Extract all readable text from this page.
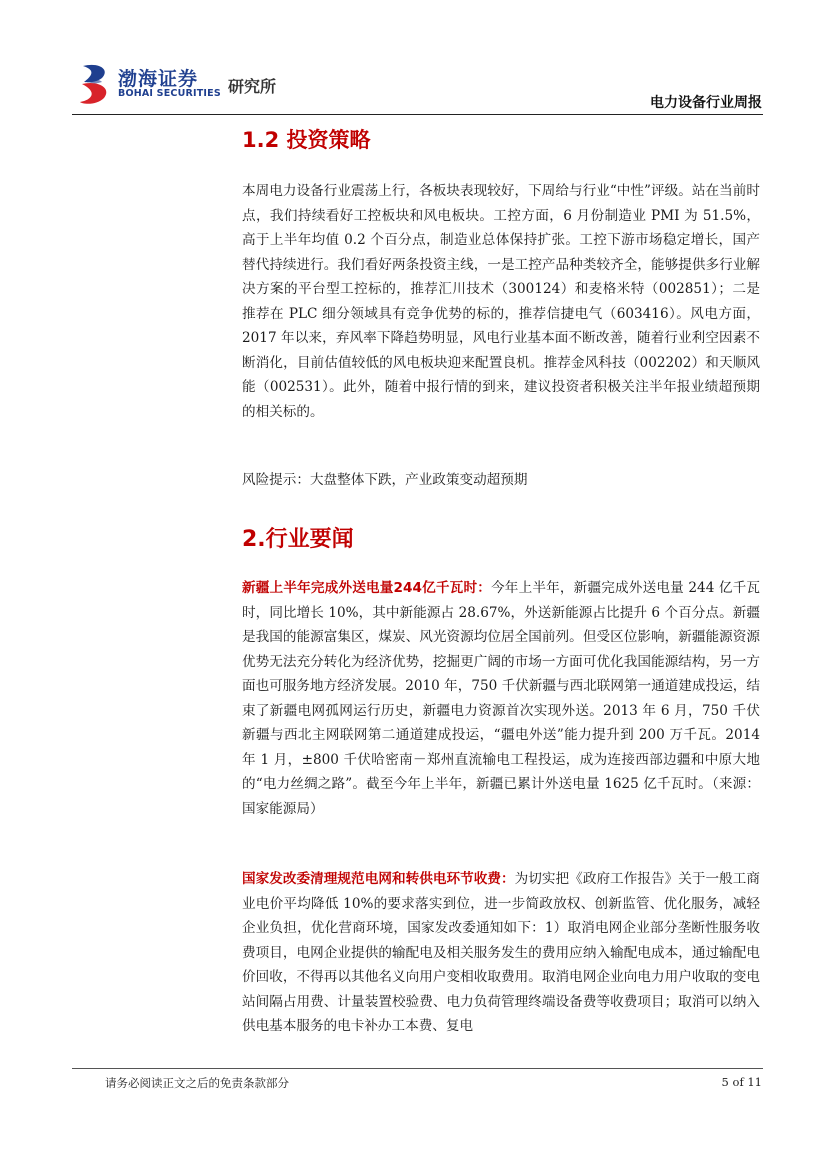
渤海证券
BOHAI SECURITIES 研究所
电力设备行业周报
1.2 投资策略
本周电力设备行业震荡上行，各板块表现较好，下周给与行业“中性”评级。站在当前时点，我们持续看好工控板块和风电板块。工控方面，6 月份制造业 PMI 为 51.5%，高于上半年均值 0.2 个百分点，制造业总体保持扩张。工控下游市场稳定增长，国产替代持续进行。我们看好两条投资主线，一是工控产品种类较齐全，能够提供多行业解决方案的平台型工控标的，推荐汇川技术（300124）和麦格米特（002851）；二是推荐在 PLC 细分领域具有竞争优势的标的，推荐信捷电气（603416）。风电方面，2017 年以来，弃风率下降趋势明显，风电行业基本面不断改善，随着行业利空因素不断消化，目前估值较低的风电板块迎来配置良机。推荐金风科技（002202）和天顺风能（002531）。此外，随着中报行情的到来，建议投资者积极关注半年报业绩超预期的相关标的。
风险提示：大盘整体下跌，产业政策变动超预期
2.行业要闻
新疆上半年完成外送电量244亿千瓦时：今年上半年，新疆完成外送电量 244 亿千瓦时，同比增长 10%，其中新能源占 28.67%，外送新能源占比提升 6 个百分点。新疆是我国的能源富集区，煤炭、风光资源均位居全国前列。但受区位影响，新疆能源资源优势无法充分转化为经济优势，挖掘更广阔的市场一方面可优化我国能源结构，另一方面也可服务地方经济发展。2010 年，750 千伏新疆与西北联网第一通道建成投运，结束了新疆电网孤网运行历史，新疆电力资源首次实现外送。2013 年 6 月，750 千伏新疆与西北主网联网第二通道建成投运，“疆电外送”能力提升到 200 万千瓦。2014 年 1 月，±800 千伏哈密南－郑州直流输电工程投运，成为连接西部边疆和中原大地的“电力丝绸之路”。截至今年上半年，新疆已累计外送电量 1625 亿千瓦时。（来源：国家能源局）
国家发改委清理规范电网和转供电环节收费：为切实把《政府工作报告》关于一般工商业电价平均降低 10%的要求落实到位，进一步简政放权、创新监管、优化服务，减轻企业负担，优化营商环境，国家发改委通知如下：1）取消电网企业部分垄断性服务收费项目，电网企业提供的输配电及相关服务发生的费用应纳入输配电成本，通过输配电价回收，不得再以其他名义向用户变相收取费用。取消电网企业向电力用户收取的变电站间隔占用费、计量装置校验费、电力负荷管理终端设备费等收费项目；取消可以纳入供电基本服务的电卡补办工本费、复电
请务必阅读正文之后的免责条款部分	5 of 11
